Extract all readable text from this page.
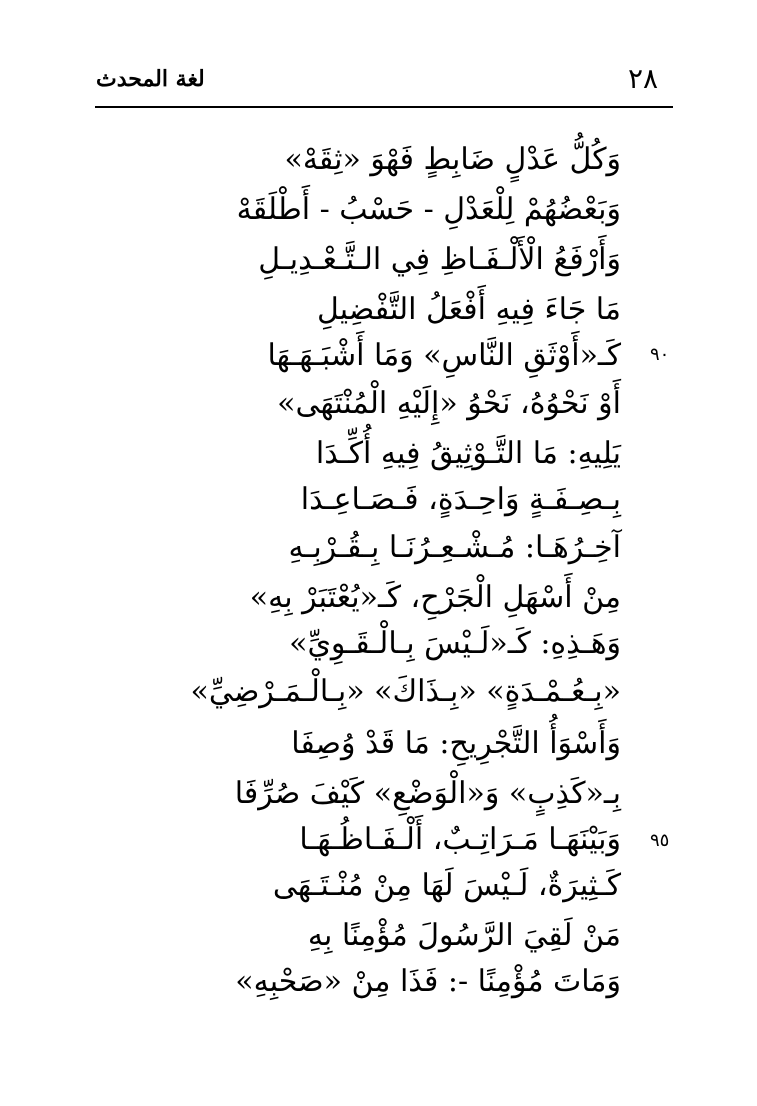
٢٨
لغة المحدث
وَكُلُّ عَدْلٍ ضَابِطٍ فَهْوَ «ثِقَهْ»
وَبَعْضُهُمْ لِلْعَدْلِ - حَسْبُ - أَطْلَقَهْ
وَأَرْفَعُ الْأَلْـفَـاظِ فِي الـتَّـعْـدِيـلِ
مَا جَاءَ فِيهِ أَفْعَلُ التَّفْضِيلِ
٩٠
كَـ«أَوْثَقِ النَّاسِ» وَمَا أَشْبَـهَـهَا
أَوْ نَحْوُهُ، نَحْوُ «إِلَيْهِ الْمُنْتَهَى»
يَلِيهِ: مَا التَّـوْثِيقُ فِيهِ أُكِّـدَا
بِـصِـفَـةٍ وَاحِـدَةٍ، فَـصَـاعِـدَا
آخِـرُهَـا: مُـشْـعِـرُنَـا بِـقُـرْبِـهِ
مِنْ أَسْهَلِ الْجَرْحِ، كَـ«يُعْتَبَرْ بِهِ»
وَهَـذِهِ: كَـ«لَـيْسَ بِـالْـقَـوِيِّ»
«بِـعُـمْـدَةٍ» «بِـذَاكَ» «بِـالْـمَـرْضِيِّ»
وَأَسْوَأُ التَّجْرِيحِ: مَا قَدْ وُصِفَا
بِـ«كَذِبٍ» وَ«الْوَضْعِ» كَيْفَ صُرِّفَا
٩٥
وَبَيْنَهَـا مَـرَاتِـبٌ، أَلْـفَـاظُـهَـا
كَـثِيرَةٌ، لَـيْسَ لَهَا مِنْ مُنْـتَـهَى
مَنْ لَقِيَ الرَّسُولَ مُؤْمِنًا بِهِ
وَمَاتَ مُؤْمِنًا -: فَذَا مِنْ «صَحْبِهِ»
